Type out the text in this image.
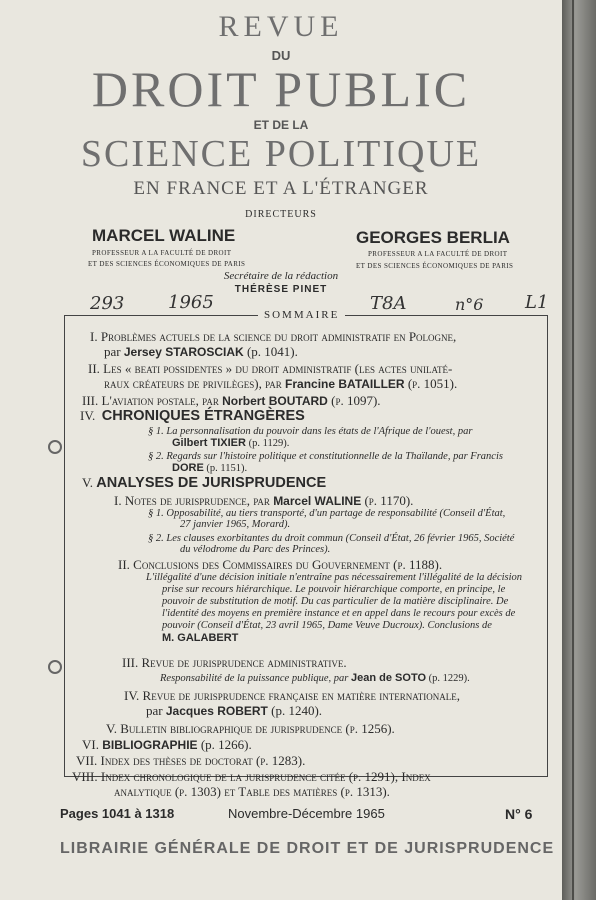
REVUE
DU
DROIT PUBLIC
ET DE LA
SCIENCE POLITIQUE
EN FRANCE ET A L'ÉTRANGER
DIRECTEURS
MARCEL WALINE
PROFESSEUR A LA FACULTÉ DE DROIT
ET DES SCIENCES ÉCONOMIQUES DE PARIS
GEORGES BERLIA
PROFESSEUR A LA FACULTÉ DE DROIT
ET DES SCIENCES ÉCONOMIQUES DE PARIS
Secrétaire de la rédaction
THÉRÈSE PINET
293 1965	T8A	n°6 L1
SOMMAIRE
I. Problèmes actuels de la science du droit administratif en Pologne,
par Jersey STAROSCIAK (p. 1041).
II. Les « beati possidentes » du droit administratif (les actes unilaté-
raux créateurs de privilèges), par Francine BATAILLER (p. 1051).
III. L'aviation postale, par Norbert BOUTARD (p. 1097).
IV. CHRONIQUES ÉTRANGÈRES
§ 1. La personnalisation du pouvoir dans les états de l'Afrique de l'ouest, par
Gilbert TIXIER (p. 1129).
§ 2. Regards sur l'histoire politique et constitutionnelle de la Thaïlande, par Francis
DORE (p. 1151).
V. ANALYSES DE JURISPRUDENCE
I. Notes de jurisprudence, par Marcel WALINE (p. 1170).
§ 1. Opposabilité, au tiers transporté, d'un partage de responsabilité (Conseil d'État,
27 janvier 1965, Morard).
§ 2. Les clauses exorbitantes du droit commun (Conseil d'État, 26 février 1965, Société
du vélodrome du Parc des Princes).
II. Conclusions des Commissaires du Gouvernement (p. 1188).
L'illégalité d'une décision initiale n'entraîne pas nécessairement l'illégalité de la décision
prise sur recours hiérarchique. Le pouvoir hiérarchique comporte, en principe, le
pouvoir de substitution de motif. Du cas particulier de la matière disciplinaire. De
l'identité des moyens en première instance et en appel dans le recours pour excès de
pouvoir (Conseil d'État, 23 avril 1965, Dame Veuve Ducroux). Conclusions de
M. GALABERT
III. Revue de jurisprudence administrative.
Responsabilité de la puissance publique, par Jean de SOTO (p. 1229).
IV. Revue de jurisprudence française en matière internationale,
par Jacques ROBERT (p. 1240).
V. Bulletin bibliographique de jurisprudence (p. 1256).
VI. BIBLIOGRAPHIE (p. 1266).
VII. Index des thèses de doctorat (p. 1283).
VIII. Index chronologique de la jurisprudence citée (p. 1291), Index
analytique (p. 1303) et Table des matières (p. 1313).
Pages 1041 à 1318	Novembre-Décembre 1965	N° 6
LIBRAIRIE GÉNÉRALE DE DROIT ET DE JURISPRUDENCE
